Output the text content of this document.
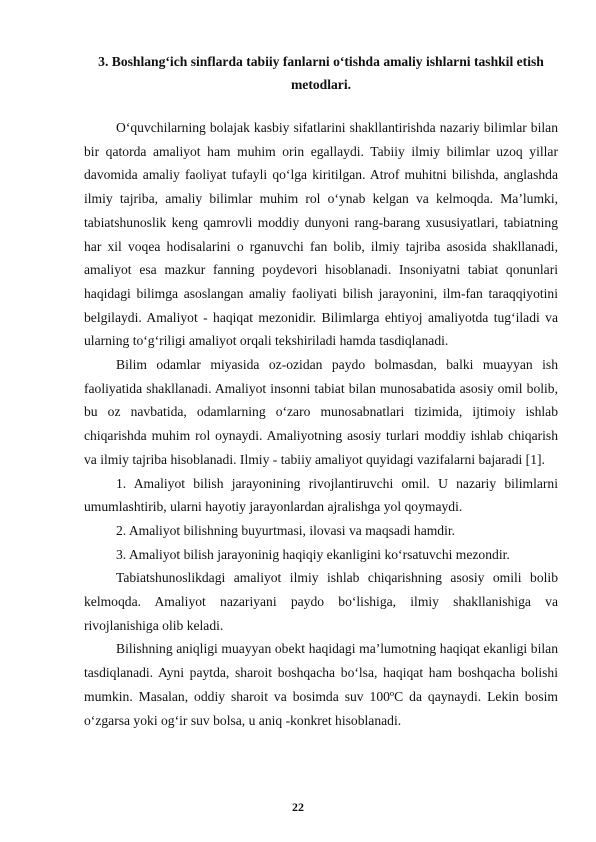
3. Boshlang‘ich sinflarda tabiiy fanlarni o‘tishda amaliy ishlarni tashkil etish metodlari.

O‘quvchilarning bolajak kasbiy sifatlarini shakllantirishda nazariy bilimlar bilan bir qatorda amaliyot ham muhim orin egallaydi. Tabiiy ilmiy bilimlar uzoq yillar davomida amaliy faoliyat tufayli qo‘lga kiritilgan. Atrof muhitni bilishda, anglashda ilmiy tajriba, amaliy bilimlar muhim rol o‘ynab kelgan va kelmoqda. Ma’lumki, tabiatshunoslik keng qamrovli moddiy dunyoni rang-barang xususiyatlari, tabiatning har xil voqea hodisalarini o rganuvchi fan bolib, ilmiy tajriba asosida shakllanadi, amaliyot esa mazkur fanning poydevori hisoblanadi. Insoniyatni tabiat qonunlari haqidagi bilimga asoslangan amaliy faoliyati bilish jarayonini, ilm-fan taraqqiyotini belgilaydi. Amaliyot - haqiqat mezonidir. Bilimlarga ehtiyoj amaliyotda tug‘iladi va ularning to‘g‘riligi amaliyot orqali tekshiriladi hamda tasdiqlanadi.

Bilim odamlar miyasida oz-ozidan paydo bolmasdan, balki muayyan ish faoliyatida shakllanadi. Amaliyot insonni tabiat bilan munosabatida asosiy omil bolib, bu oz navbatida, odamlarning o‘zaro munosabnatlari tizimida, ijtimoiy ishlab chiqarishda muhim rol oynaydi. Amaliyotning asosiy turlari moddiy ishlab chiqarish va ilmiy tajriba hisoblanadi. Ilmiy - tabiiy amaliyot quyidagi vazifalarni bajaradi [1].

1. Amaliyot bilish jarayonining rivojlantiruvchi omil. U nazariy bilimlarni umumlashtirib, ularni hayotiy jarayonlardan ajralishga yol qoymaydi.

2. Amaliyot bilishning buyurtmasi, ilovasi va maqsadi hamdir.

3. Amaliyot bilish jarayoninig haqiqiy ekanligini ko‘rsatuvchi mezondir.

Tabiatshunoslikdagi amaliyot ilmiy ishlab chiqarishning asosiy omili bolib kelmoqda. Amaliyot nazariyani paydo bo‘lishiga, ilmiy shakllanishiga va rivojlanishiga olib keladi.

Bilishning aniqligi muayyan obekt haqidagi ma’lumotning haqiqat ekanligi bilan tasdiqlanadi. Ayni paytda, sharoit boshqacha bo‘lsa, haqiqat ham boshqacha bolishi mumkin. Masalan, oddiy sharoit va bosimda suv 100ºC da qaynaydi. Lekin bosim o‘zgarsa yoki og‘ir suv bolsa, u aniq -konkret hisoblanadi.

22
